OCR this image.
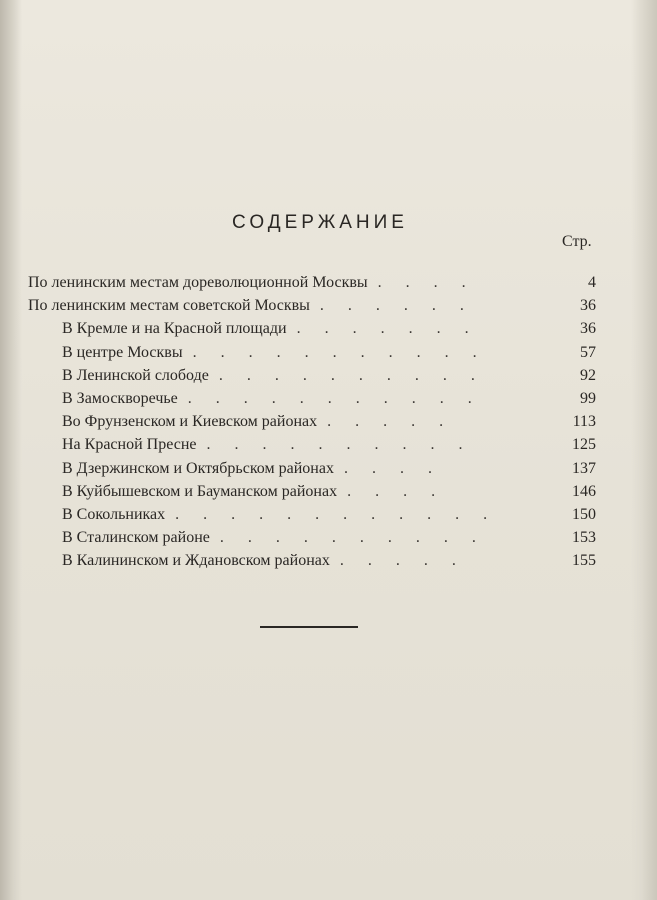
СОДЕРЖАНИЕ
Стр.
По ленинским местам дореволюционной Москвы . . . .	4
По ленинским местам советской Москвы . . . . . .	36
В Кремле и на Красной площади . . . . . . .	36
В центре Москвы . . . . . . . . . . .	57
В Ленинской слободе . . . . . . . . . .	92
В Замоскворечье . . . . . . . . . . .	99
Во Фрунзенском и Киевском районах . . . . .	113
На Красной Пресне . . . . . . . . . .	125
В Дзержинском и Октябрьском районах . . . .	137
В Куйбышевском и Бауманском районах . . . .	146
В Сокольниках . . . . . . . . . . . .	150
В Сталинском районе . . . . . . . . . .	153
В Калининском и Ждановском районах . . . . .	155
